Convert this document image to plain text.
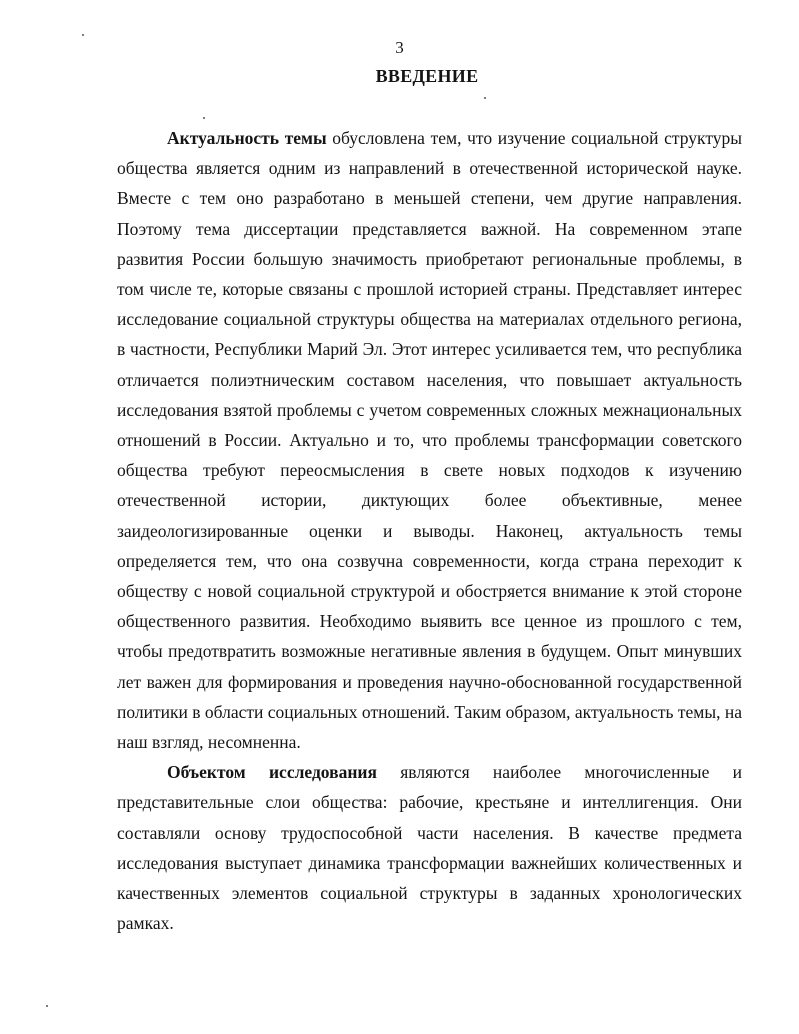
3
ВВЕДЕНИЕ

Актуальность темы обусловлена тем, что изучение социальной структуры общества является одним из направлений в отечественной исторической науке. Вместе с тем оно разработано в меньшей степени, чем другие направления. Поэтому тема диссертации представляется важной. На современном этапе развития России большую значимость приобретают региональные проблемы, в том числе те, которые связаны с прошлой историей страны. Представляет интерес исследование социальной структуры общества на материалах отдельного региона, в частности, Республики Марий Эл. Этот интерес усиливается тем, что республика отличается полиэтническим составом населения, что повышает актуальность исследования взятой проблемы с учетом современных сложных межнациональных отношений в России. Актуально и то, что проблемы трансформации советского общества требуют переосмысления в свете новых подходов к изучению отечественной истории, диктующих более объективные, менее заидеологизированные оценки и выводы. Наконец, актуальность темы определяется тем, что она созвучна современности, когда страна переходит к обществу с новой социальной структурой и обостряется внимание к этой стороне общественного развития. Необходимо выявить все ценное из прошлого с тем, чтобы предотвратить возможные негативные явления в будущем. Опыт минувших лет важен для формирования и проведения научно-обоснованной государственной политики в области социальных отношений. Таким образом, актуальность темы, на наш взгляд, несомненна.

Объектом исследования являются наиболее многочисленные и представительные слои общества: рабочие, крестьяне и интеллигенция. Они составляли основу трудоспособной части населения. В качестве предмета исследования выступает динамика трансформации важнейших количественных и качественных элементов социальной структуры в заданных хронологических рамках.
